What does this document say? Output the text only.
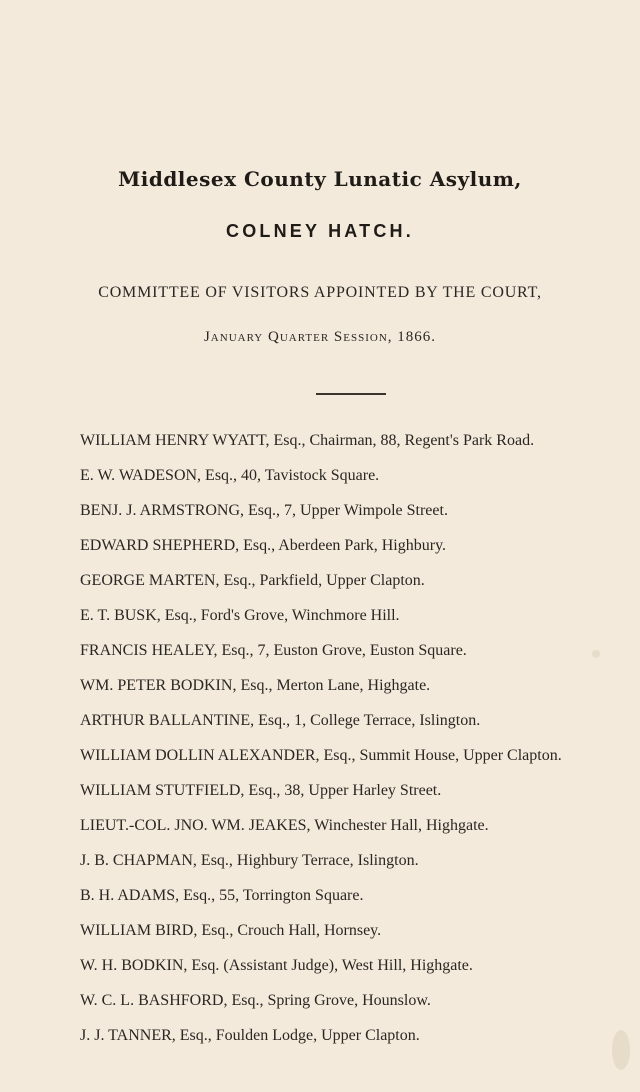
Middlesex County Lunatic Asylum,
COLNEY HATCH.
COMMITTEE OF VISITORS APPOINTED BY THE COURT,
January Quarter Session, 1866.
WILLIAM HENRY WYATT, Esq., Chairman, 88, Regent's Park Road.
E. W. WADESON, Esq., 40, Tavistock Square.
BENJ. J. ARMSTRONG, Esq., 7, Upper Wimpole Street.
EDWARD SHEPHERD, Esq., Aberdeen Park, Highbury.
GEORGE MARTEN, Esq., Parkfield, Upper Clapton.
E. T. BUSK, Esq., Ford's Grove, Winchmore Hill.
FRANCIS HEALEY, Esq., 7, Euston Grove, Euston Square.
WM. PETER BODKIN, Esq., Merton Lane, Highgate.
ARTHUR BALLANTINE, Esq., 1, College Terrace, Islington.
WILLIAM DOLLIN ALEXANDER, Esq., Summit House, Upper Clapton.
WILLIAM STUTFIELD, Esq., 38, Upper Harley Street.
LIEUT.-COL. JNO. WM. JEAKES, Winchester Hall, Highgate.
J. B. CHAPMAN, Esq., Highbury Terrace, Islington.
B. H. ADAMS, Esq., 55, Torrington Square.
WILLIAM BIRD, Esq., Crouch Hall, Hornsey.
W. H. BODKIN, Esq. (Assistant Judge), West Hill, Highgate.
W. C. L. BASHFORD, Esq., Spring Grove, Hounslow.
J. J. TANNER, Esq., Foulden Lodge, Upper Clapton.
